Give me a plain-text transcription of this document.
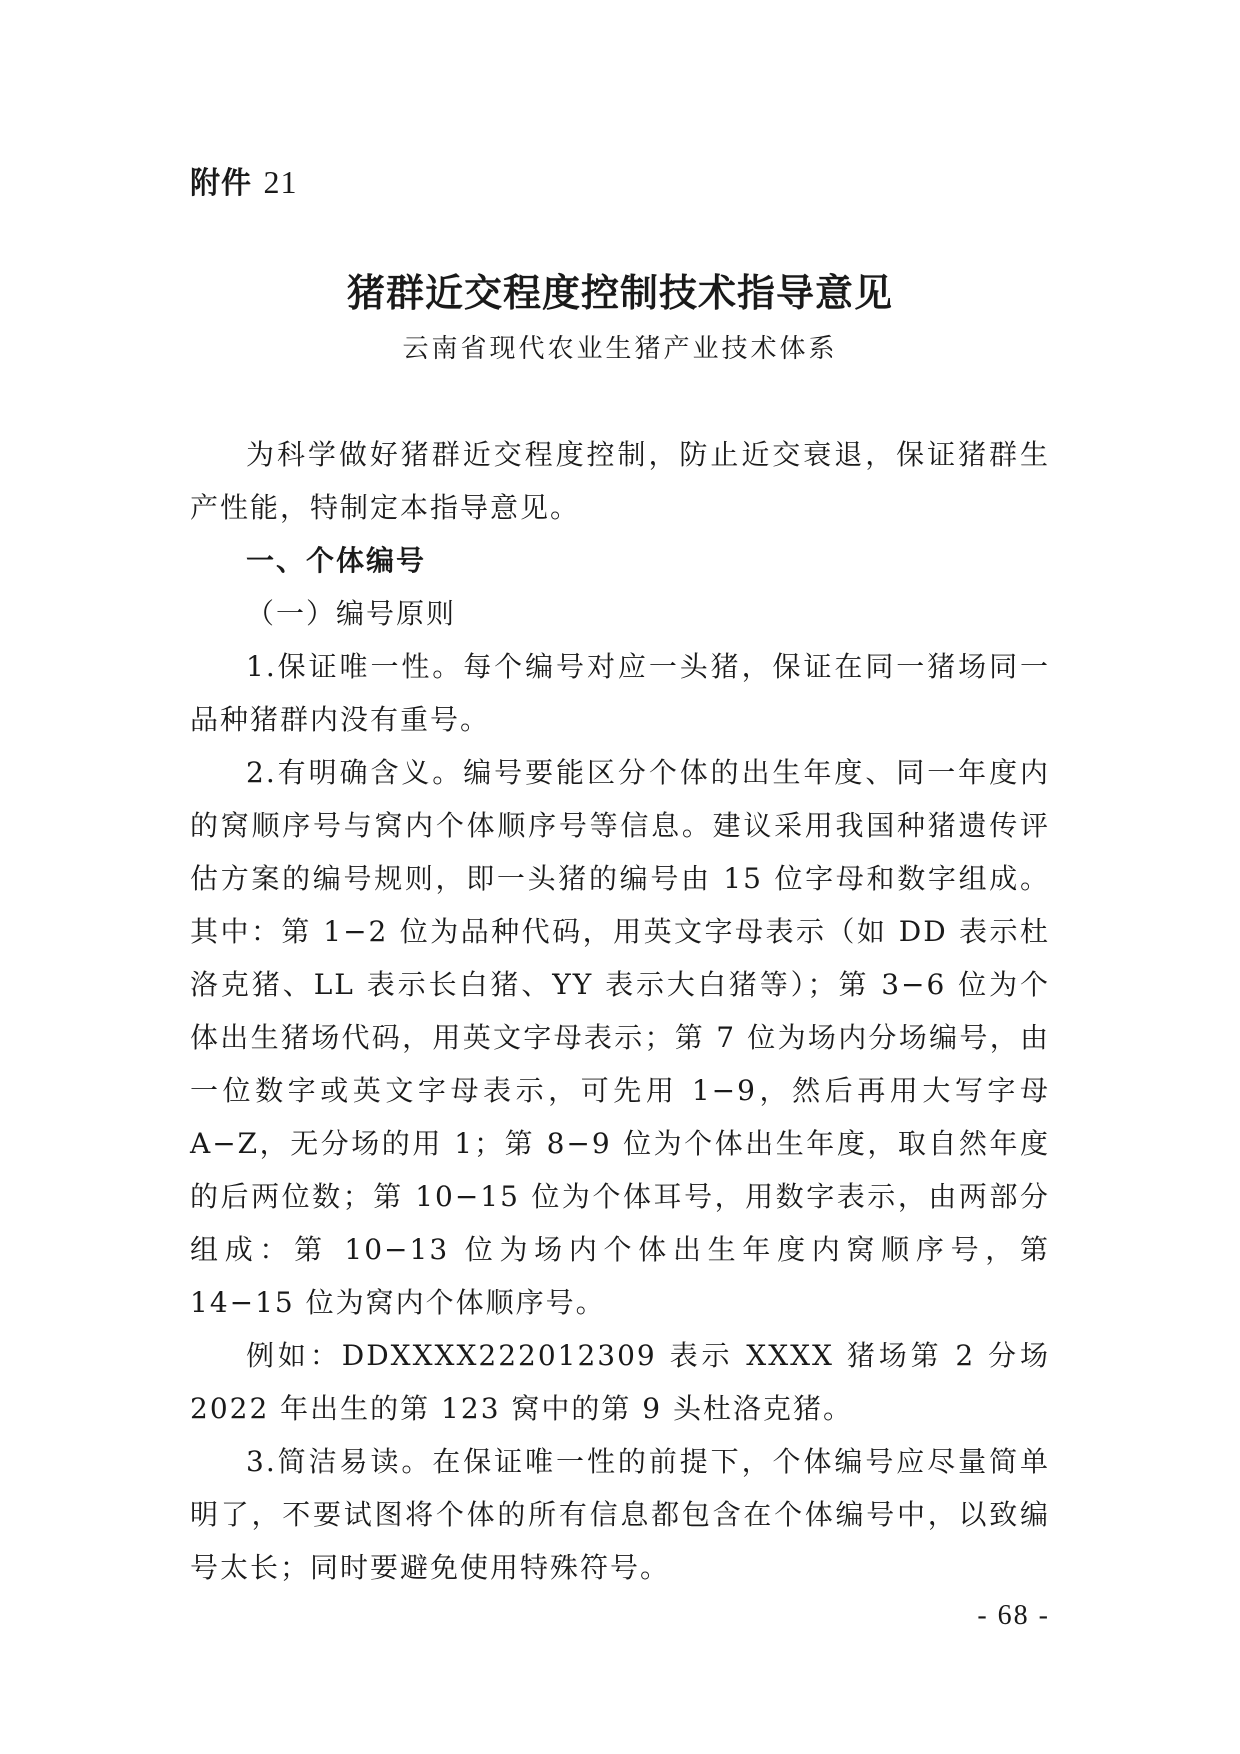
附件 21
猪群近交程度控制技术指导意见
云南省现代农业生猪产业技术体系

为科学做好猪群近交程度控制，防止近交衰退，保证猪群生产性能，特制定本指导意见。

一、个体编号

（一）编号原则

1.保证唯一性。每个编号对应一头猪，保证在同一猪场同一品种猪群内没有重号。

2.有明确含义。编号要能区分个体的出生年度、同一年度内的窝顺序号与窝内个体顺序号等信息。建议采用我国种猪遗传评估方案的编号规则，即一头猪的编号由 15 位字母和数字组成。其中：第 1−2 位为品种代码，用英文字母表示（如 DD 表示杜洛克猪、LL 表示长白猪、YY 表示大白猪等）；第 3−6 位为个体出生猪场代码，用英文字母表示；第 7 位为场内分场编号，由一位数字或英文字母表示，可先用 1−9，然后再用大写字母 A−Z，无分场的用 1；第 8−9 位为个体出生年度，取自然年度的后两位数；第 10−15 位为个体耳号，用数字表示，由两部分组成：第 10−13 位为场内个体出生年度内窝顺序号，第 14−15 位为窝内个体顺序号。

例如：DDXXXX222012309 表示 XXXX 猪场第 2 分场 2022 年出生的第 123 窝中的第 9 头杜洛克猪。

3.简洁易读。在保证唯一性的前提下，个体编号应尽量简单明了，不要试图将个体的所有信息都包含在个体编号中，以致编号太长；同时要避免使用特殊符号。

- 68 -
